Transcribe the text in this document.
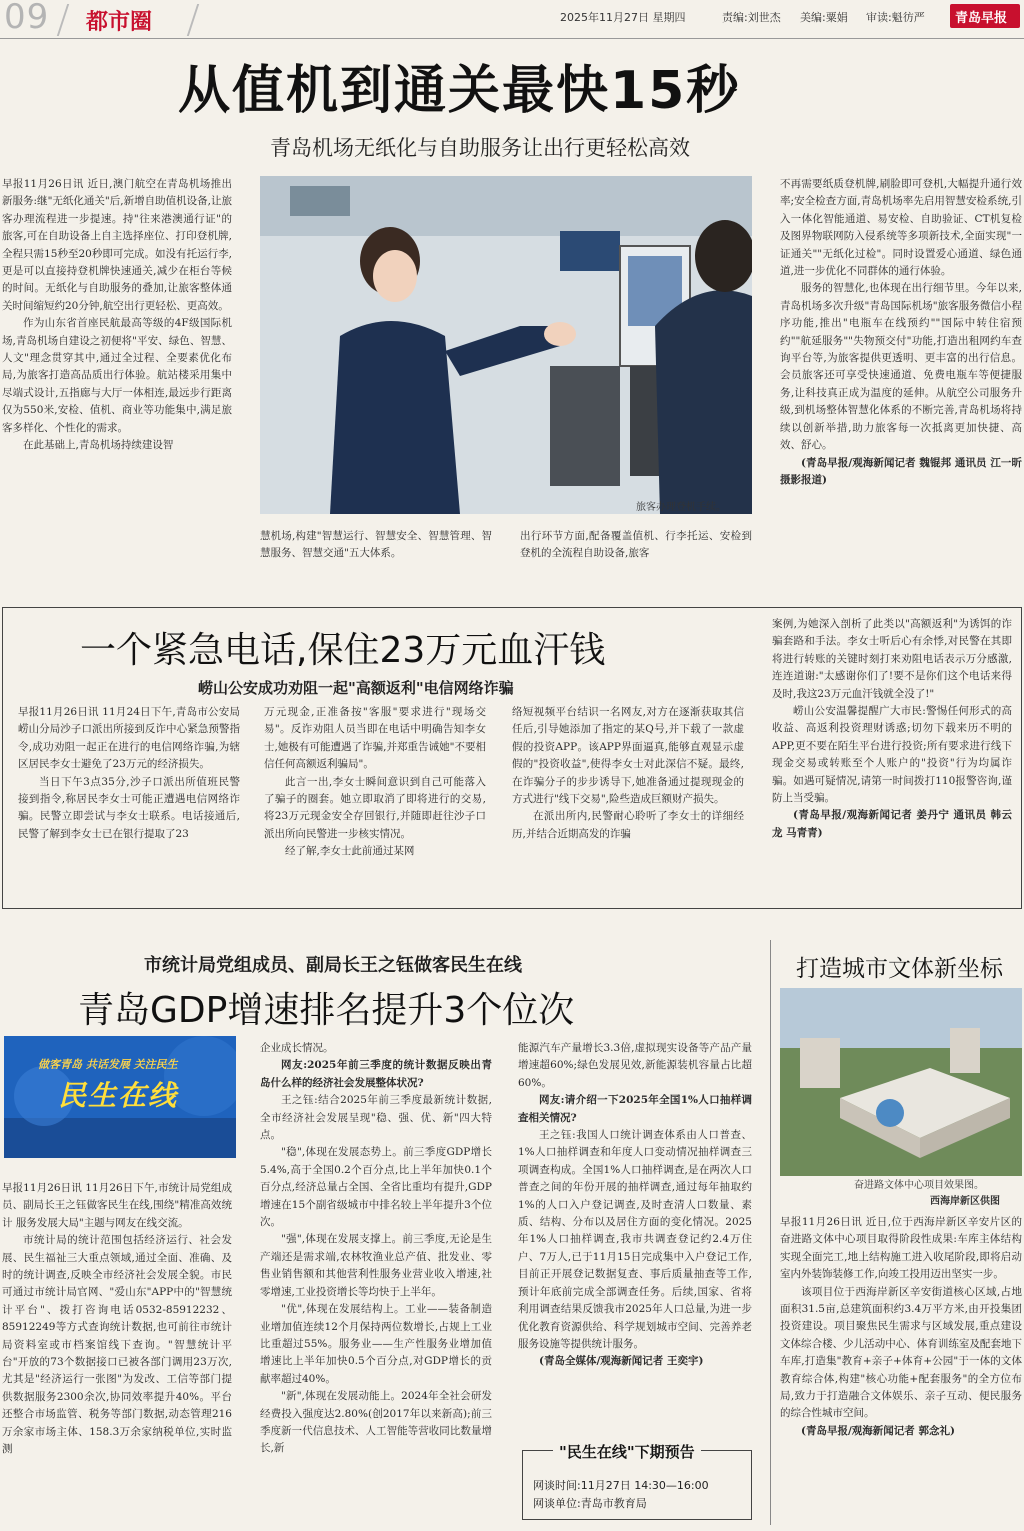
09 都市圈	2025年11月27日 星期四	责编:刘世杰 美编:粟娟 审读:魁彷严 青岛早报
从值机到通关最快15秒
青岛机场无纸化与自助服务让出行更轻松高效

早报11月26日讯 近日,澳门航空在青岛机场推出新服务:继"无纸化通关"后,新增自助值机设备,让旅客办理流程进一步提速。持"往来港澳通行证"的旅客,可在自助设备上自主选择座位、打印登机牌,全程只需15秒至20秒即可完成。如没有托运行李,更是可以直接持登机牌快速通关,减少在柜台等候的时间。无纸化与自助服务的叠加,让旅客整体通关时间缩短约20分钟,航空出行更轻松、更高效。

作为山东省首座民航最高等级的4F级国际机场,青岛机场自建设之初便将"平安、绿色、智慧、人文"理念贯穿其中,通过全过程、全要素优化布局,为旅客打造高品质出行体验。航站楼采用集中尽端式设计,五指廊与大厅一体相连,最远步行距离仅为550米,安检、值机、商业等功能集中,满足旅客多样化、个性化的需求。

在此基础上,青岛机场持续建设智

旅客办理登机手续。

慧机场,构建"智慧运行、智慧安全、智慧管理、智慧服务、智慧交通"五大体系。

出行环节方面,配备覆盖值机、行李托运、安检到登机的全流程自助设备,旅客

不再需要纸质登机牌,刷脸即可登机,大幅提升通行效率;安全检查方面,青岛机场率先启用智慧安检系统,引入一体化智能通道、易安检、自助验证、CT机复检及图界物联网防入侵系统等多项新技术,全面实现"一证通关""无纸化过检"。同时设置爱心通道、绿色通道,进一步优化不同群体的通行体验。

服务的智慧化,也体现在出行细节里。今年以来,青岛机场多次升级"青岛国际机场"旅客服务微信小程序功能,推出"电瓶车在线预约""国际中转住宿预约""航延服务""失物预交付"功能,打造出租网约车查询平台等,为旅客提供更透明、更丰富的出行信息。会员旅客还可享受快速通道、免费电瓶车等便捷服务,让科技真正成为温度的延伸。从航空公司服务升级,到机场整体智慧化体系的不断完善,青岛机场将持续以创新举措,助力旅客每一次抵离更加快捷、高效、舒心。

(青岛早报/观海新闻记者 魏锟邦 通讯员 江一昕 摄影报道)

一个紧急电话,保住23万元血汗钱
崂山公安成功劝阻一起"高额返利"电信网络诈骗

早报11月26日讯 11月24日下午,青岛市公安局崂山分局沙子口派出所接到反诈中心紧急预警指令,成功劝阻一起正在进行的电信网络诈骗,为辖区居民李女士避免了23万元的经济损失。

当日下午3点35分,沙子口派出所值班民警接到指令,称居民李女士可能正遭遇电信网络诈骗。民警立即尝试与李女士联系。电话接通后,民警了解到李女士已在银行提取了23

万元现金,正准备按"客服"要求进行"现场交易"。反诈劝阻人员当即在电话中明确告知李女士,她极有可能遭遇了诈骗,并郑重告诫她"不要相信任何高额返利骗局"。

此言一出,李女士瞬间意识到自己可能落入了骗子的圈套。她立即取消了即将进行的交易,将23万元现金安全存回银行,并随即赶往沙子口派出所向民警进一步核实情况。

经了解,李女士此前通过某网

络短视频平台结识一名网友,对方在逐渐获取其信任后,引导她添加了指定的某Q号,并下载了一款虚假的投资APP。该APP界面逼真,能够直观显示虚假的"投资收益",使得李女士对此深信不疑。最终,在诈骗分子的步步诱导下,她准备通过提现现金的方式进行"线下交易",险些造成巨额财产损失。

在派出所内,民警耐心聆听了李女士的详细经历,并结合近期高发的诈骗

案例,为她深入剖析了此类以"高额返利"为诱饵的诈骗套路和手法。李女士听后心有余悸,对民警在其即将进行转账的关键时刻打来劝阻电话表示万分感激,连连道谢:"太感谢你们了!要不是你们这个电话来得及时,我这23万元血汗钱就全没了!"

崂山公安温馨提醒广大市民:警惕任何形式的高收益、高返利投资理财诱惑;切勿下载来历不明的APP,更不要在陌生平台进行投资;所有要求进行线下现金交易或转账至个人账户的"投资"行为均属诈骗。如遇可疑情况,请第一时间拨打110报警咨询,谨防上当受骗。

(青岛早报/观海新闻记者 姜丹宁 通讯员 韩云龙 马青青)

市统计局党组成员、副局长王之钰做客民生在线
青岛GDP增速排名提升3个位次
做客青岛 共话发展 关注民生
民生在线

早报11月26日讯 11月26日下午,市统计局党组成员、副局长王之钰做客民生在线,围绕"精准高效统计 服务发展大局"主题与网友在线交流。

市统计局的统计范围包括经济运行、社会发展、民生福祉三大重点领域,通过全面、准确、及时的统计调查,反映全市经济社会发展全貌。市民可通过市统计局官网、"爱山东"APP中的"智慧统计平台"、拨打咨询电话0532-85912232、85912249等方式查询统计数据,也可前往市统计局资料室或市档案馆线下查询。"智慧统计平台"开放的73个数据接口已被各部门调用23万次,尤其是"经济运行一张图"为发改、工信等部门提供数据服务2300余次,协同效率提升40%。平台还整合市场监管、税务等部门数据,动态管理216万余家市场主体、158.3万余家纳税单位,实时监测

企业成长情况。

网友:2025年前三季度的统计数据反映出青岛什么样的经济社会发展整体状况?

王之钰:结合2025年前三季度最新统计数据,全市经济社会发展呈现"稳、强、优、新"四大特点。

"稳",体现在发展态势上。前三季度GDP增长5.4%,高于全国0.2个百分点,比上半年加快0.1个百分点,经济总量占全国、全省比重均有提升,GDP增速在15个副省级城市中排名较上半年提升3个位次。

"强",体现在发展支撑上。前三季度,无论是生产端还是需求端,农林牧渔业总产值、批发业、零售业销售额和其他营利性服务业营业收入增速,社零增速,工业投资增长等均快于上半年。

"优",体现在发展结构上。工业——装备制造业增加值连续12个月保持两位数增长,占规上工业比重超过55%。服务业——生产性服务业增加值增速比上半年加快0.5个百分点,对GDP增长的贡献率超过40%。

"新",体现在发展动能上。2024年全社会研发经费投入强度达2.80%(创2017年以来新高);前三季度新一代信息技术、人工智能等营收同比数量增长,新

能源汽车产量增长3.3倍,虚拟现实设备等产品产量增速超60%;绿色发展见效,新能源装机容量占比超60%。

网友:请介绍一下2025年全国1%人口抽样调查相关情况?

王之钰:我国人口统计调查体系由人口普查、1%人口抽样调查和年度人口变动情况抽样调查三项调查构成。全国1%人口抽样调查,是在两次人口普查之间的年份开展的抽样调查,通过每年抽取约1%的人口入户登记调查,及时查清人口数量、素质、结构、分布以及居住方面的变化情况。2025年1%人口抽样调查,我市共调查登记约2.4万住户、7万人,已于11月15日完成集中入户登记工作,目前正开展登记数据复查、事后质量抽查等工作,预计年底前完成全部调查任务。后续,国家、省将利用调查结果反馈我市2025年人口总量,为进一步优化教育资源供给、科学规划城市空间、完善养老服务设施等提供统计服务。

(青岛全媒体/观海新闻记者 王奕宇)

"民生在线"下期预告
网谈时间:11月27日 14:30—16:00
网谈单位:青岛市教育局
打造城市文体新坐标
奋进路文体中心项目效果图。
西海岸新区供图

早报11月26日讯 近日,位于西海岸新区辛安片区的奋进路文体中心项目取得阶段性成果:车库主体结构实现全面完工,地上结构施工进入收尾阶段,即将启动室内外装饰装修工作,向竣工投用迈出坚实一步。

该项目位于西海岸新区辛安街道核心区域,占地面积31.5亩,总建筑面积约3.4万平方米,由开投集团投资建设。项目聚焦民生需求与区域发展,重点建设文体综合楼、少儿活动中心、体育训练室及配套地下车库,打造集"教育+亲子+体育+公园"于一体的文体教育综合体,构建"核心功能+配套服务"的全方位布局,致力于打造融合文体娱乐、亲子互动、便民服务的综合性城市空间。

(青岛早报/观海新闻记者 郭念礼)
